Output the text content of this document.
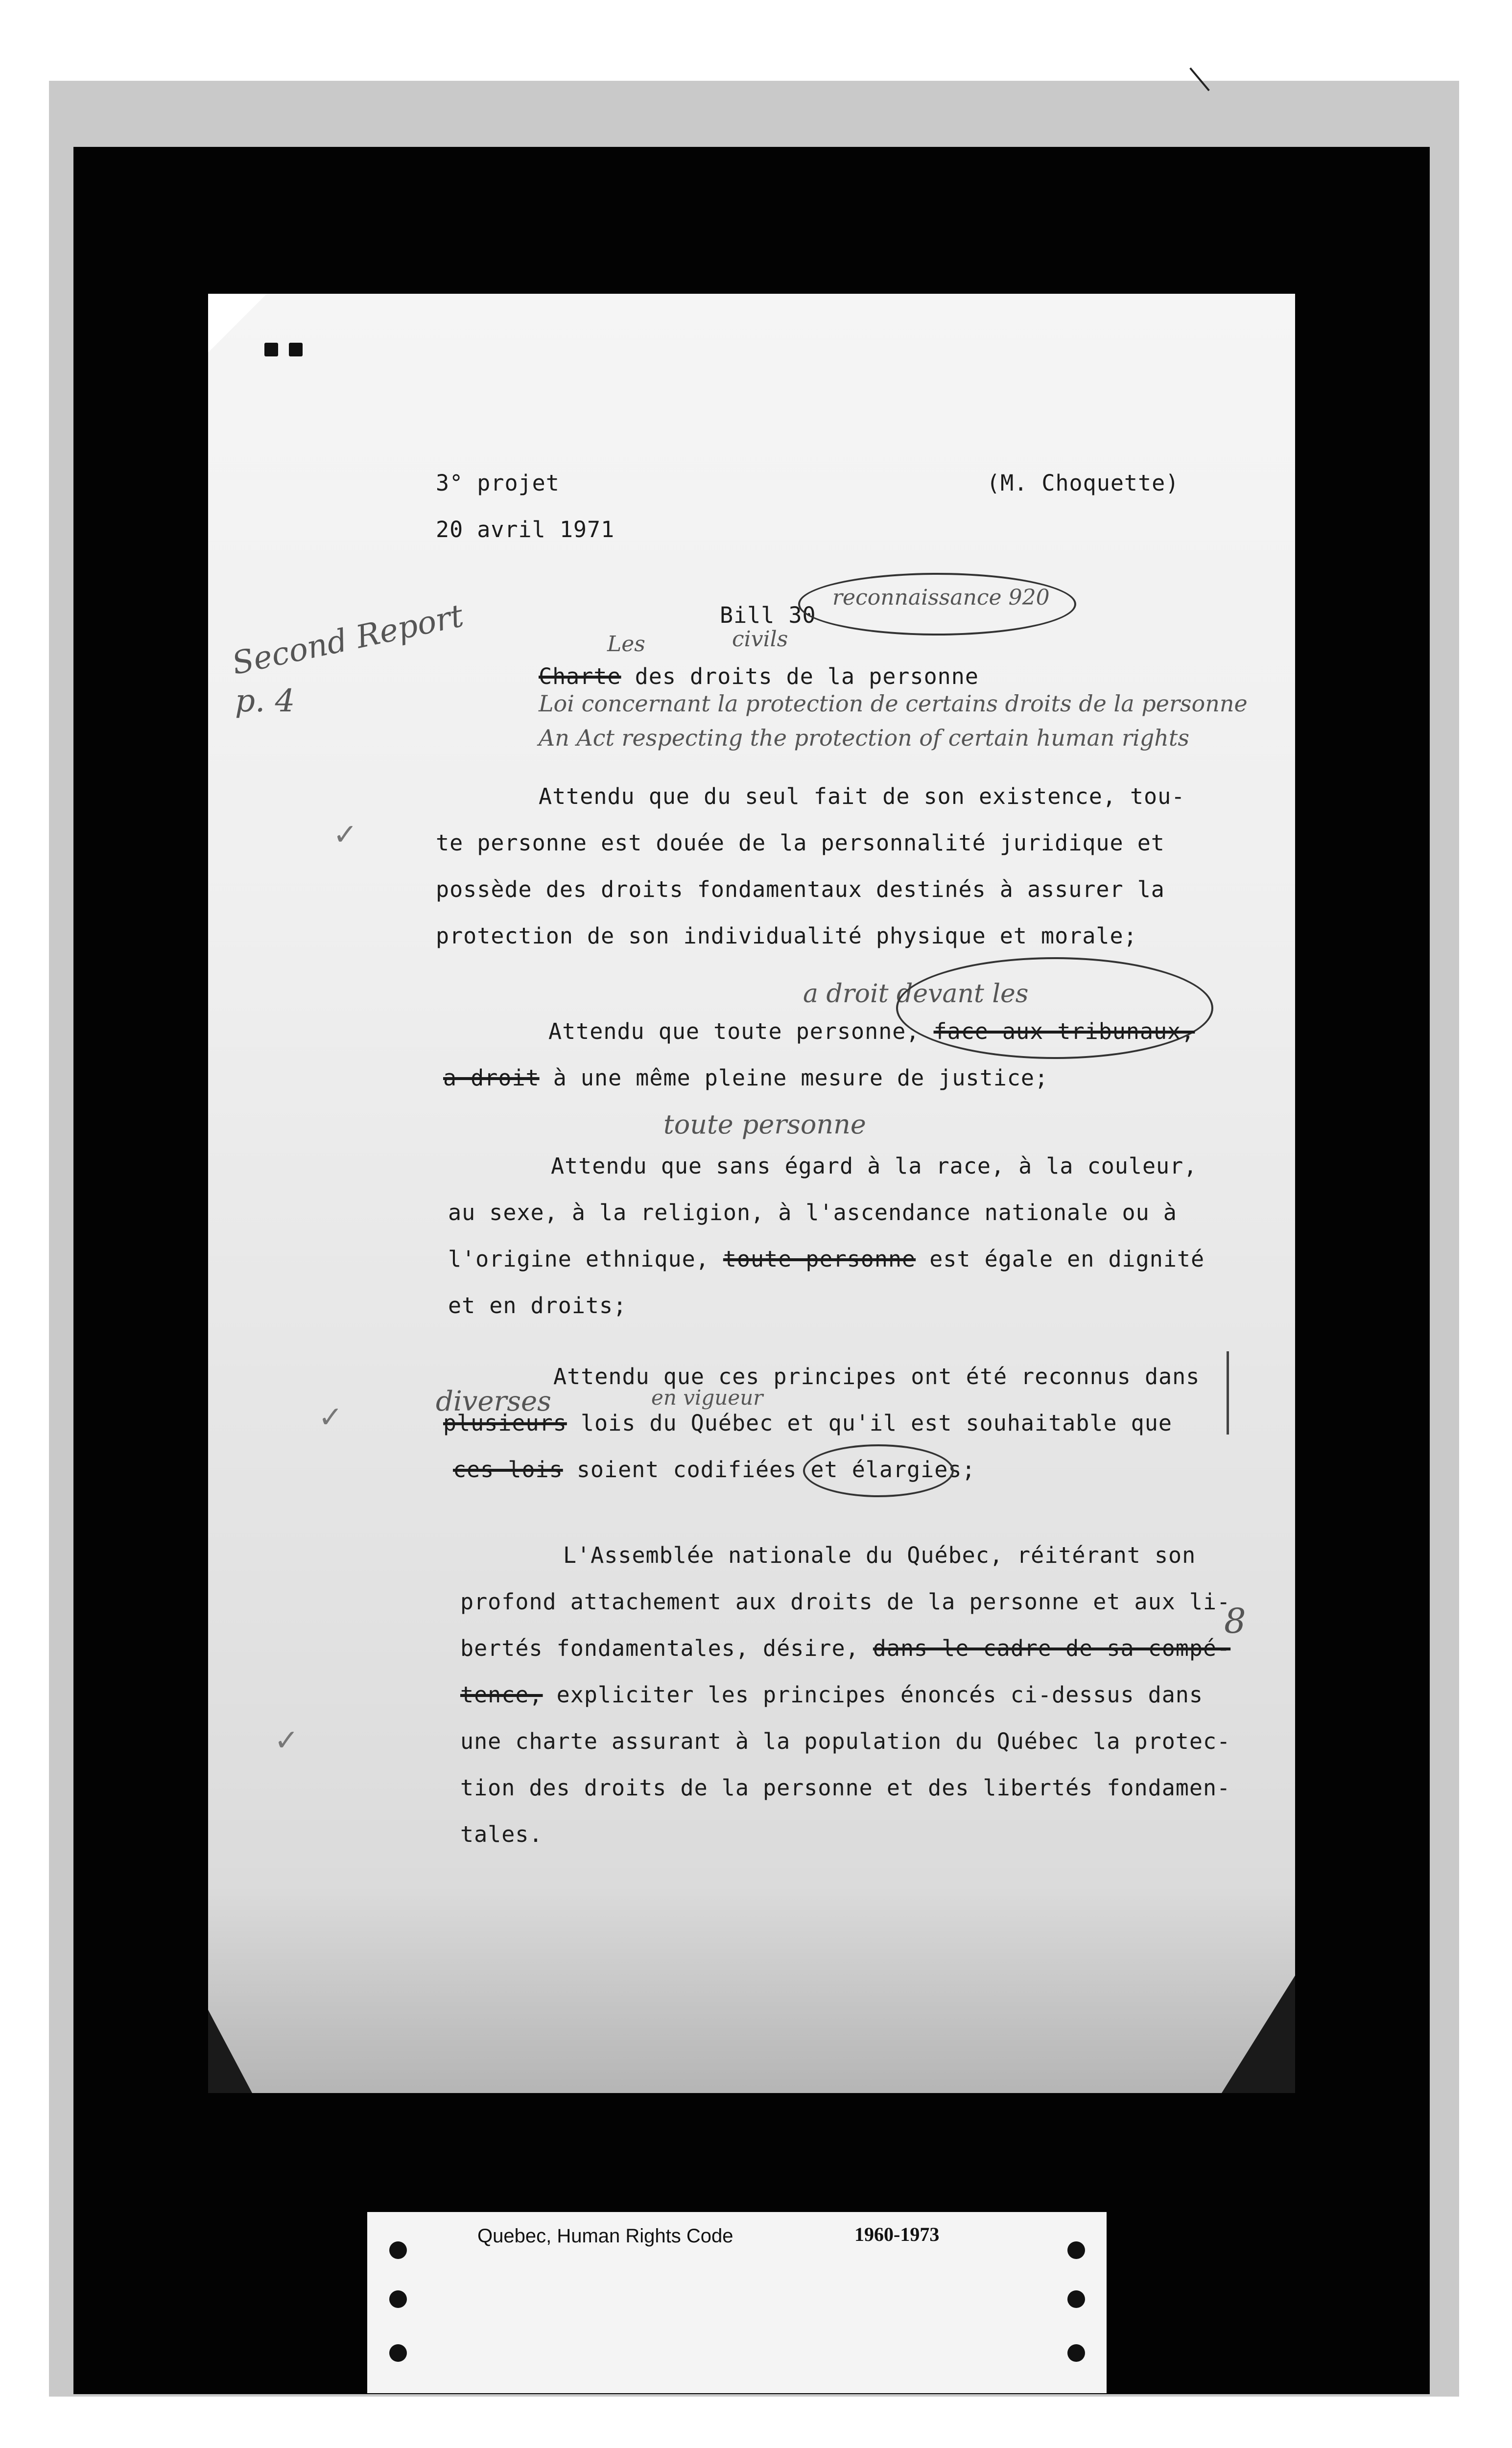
3° projet
20 avril 1971
(M. Choquette)
Bill 30
reconnaissance 920
Second Report
p. 4
Les	civils
Charte des droits de la personne
Loi concernant la protection de certains droits de la personne
An Act respecting the protection of certain human rights
Attendu que du seul fait de son existence, tou-
te personne est douée de la personnalité juridique et
possède des droits fondamentaux destinés à assurer la
protection de son individualité physique et morale;
✓
a droit devant les
Attendu que toute personne, face aux tribunaux,
a droit à une même pleine mesure de justice;
toute personne
Attendu que sans égard à la race, à la couleur,
au sexe, à la religion, à l'ascendance nationale ou à
l'origine ethnique, toute personne est égale en dignité
et en droits;
Attendu que ces principes ont été reconnus dans
diverses	en vigueur
plusieurs lois du Québec et qu'il est souhaitable que
ces lois soient codifiées et élargies;
✓
L'Assemblée nationale du Québec, réitérant son
profond attachement aux droits de la personne et aux li-
bertés fondamentales, désire, dans le cadre de sa compé-
tence, expliciter les principes énoncés ci-dessus dans
une charte assurant à la population du Québec la protec-
tion des droits de la personne et des libertés fondamen-
tales.
✓
8
Quebec, Human Rights Code	1960-1973
